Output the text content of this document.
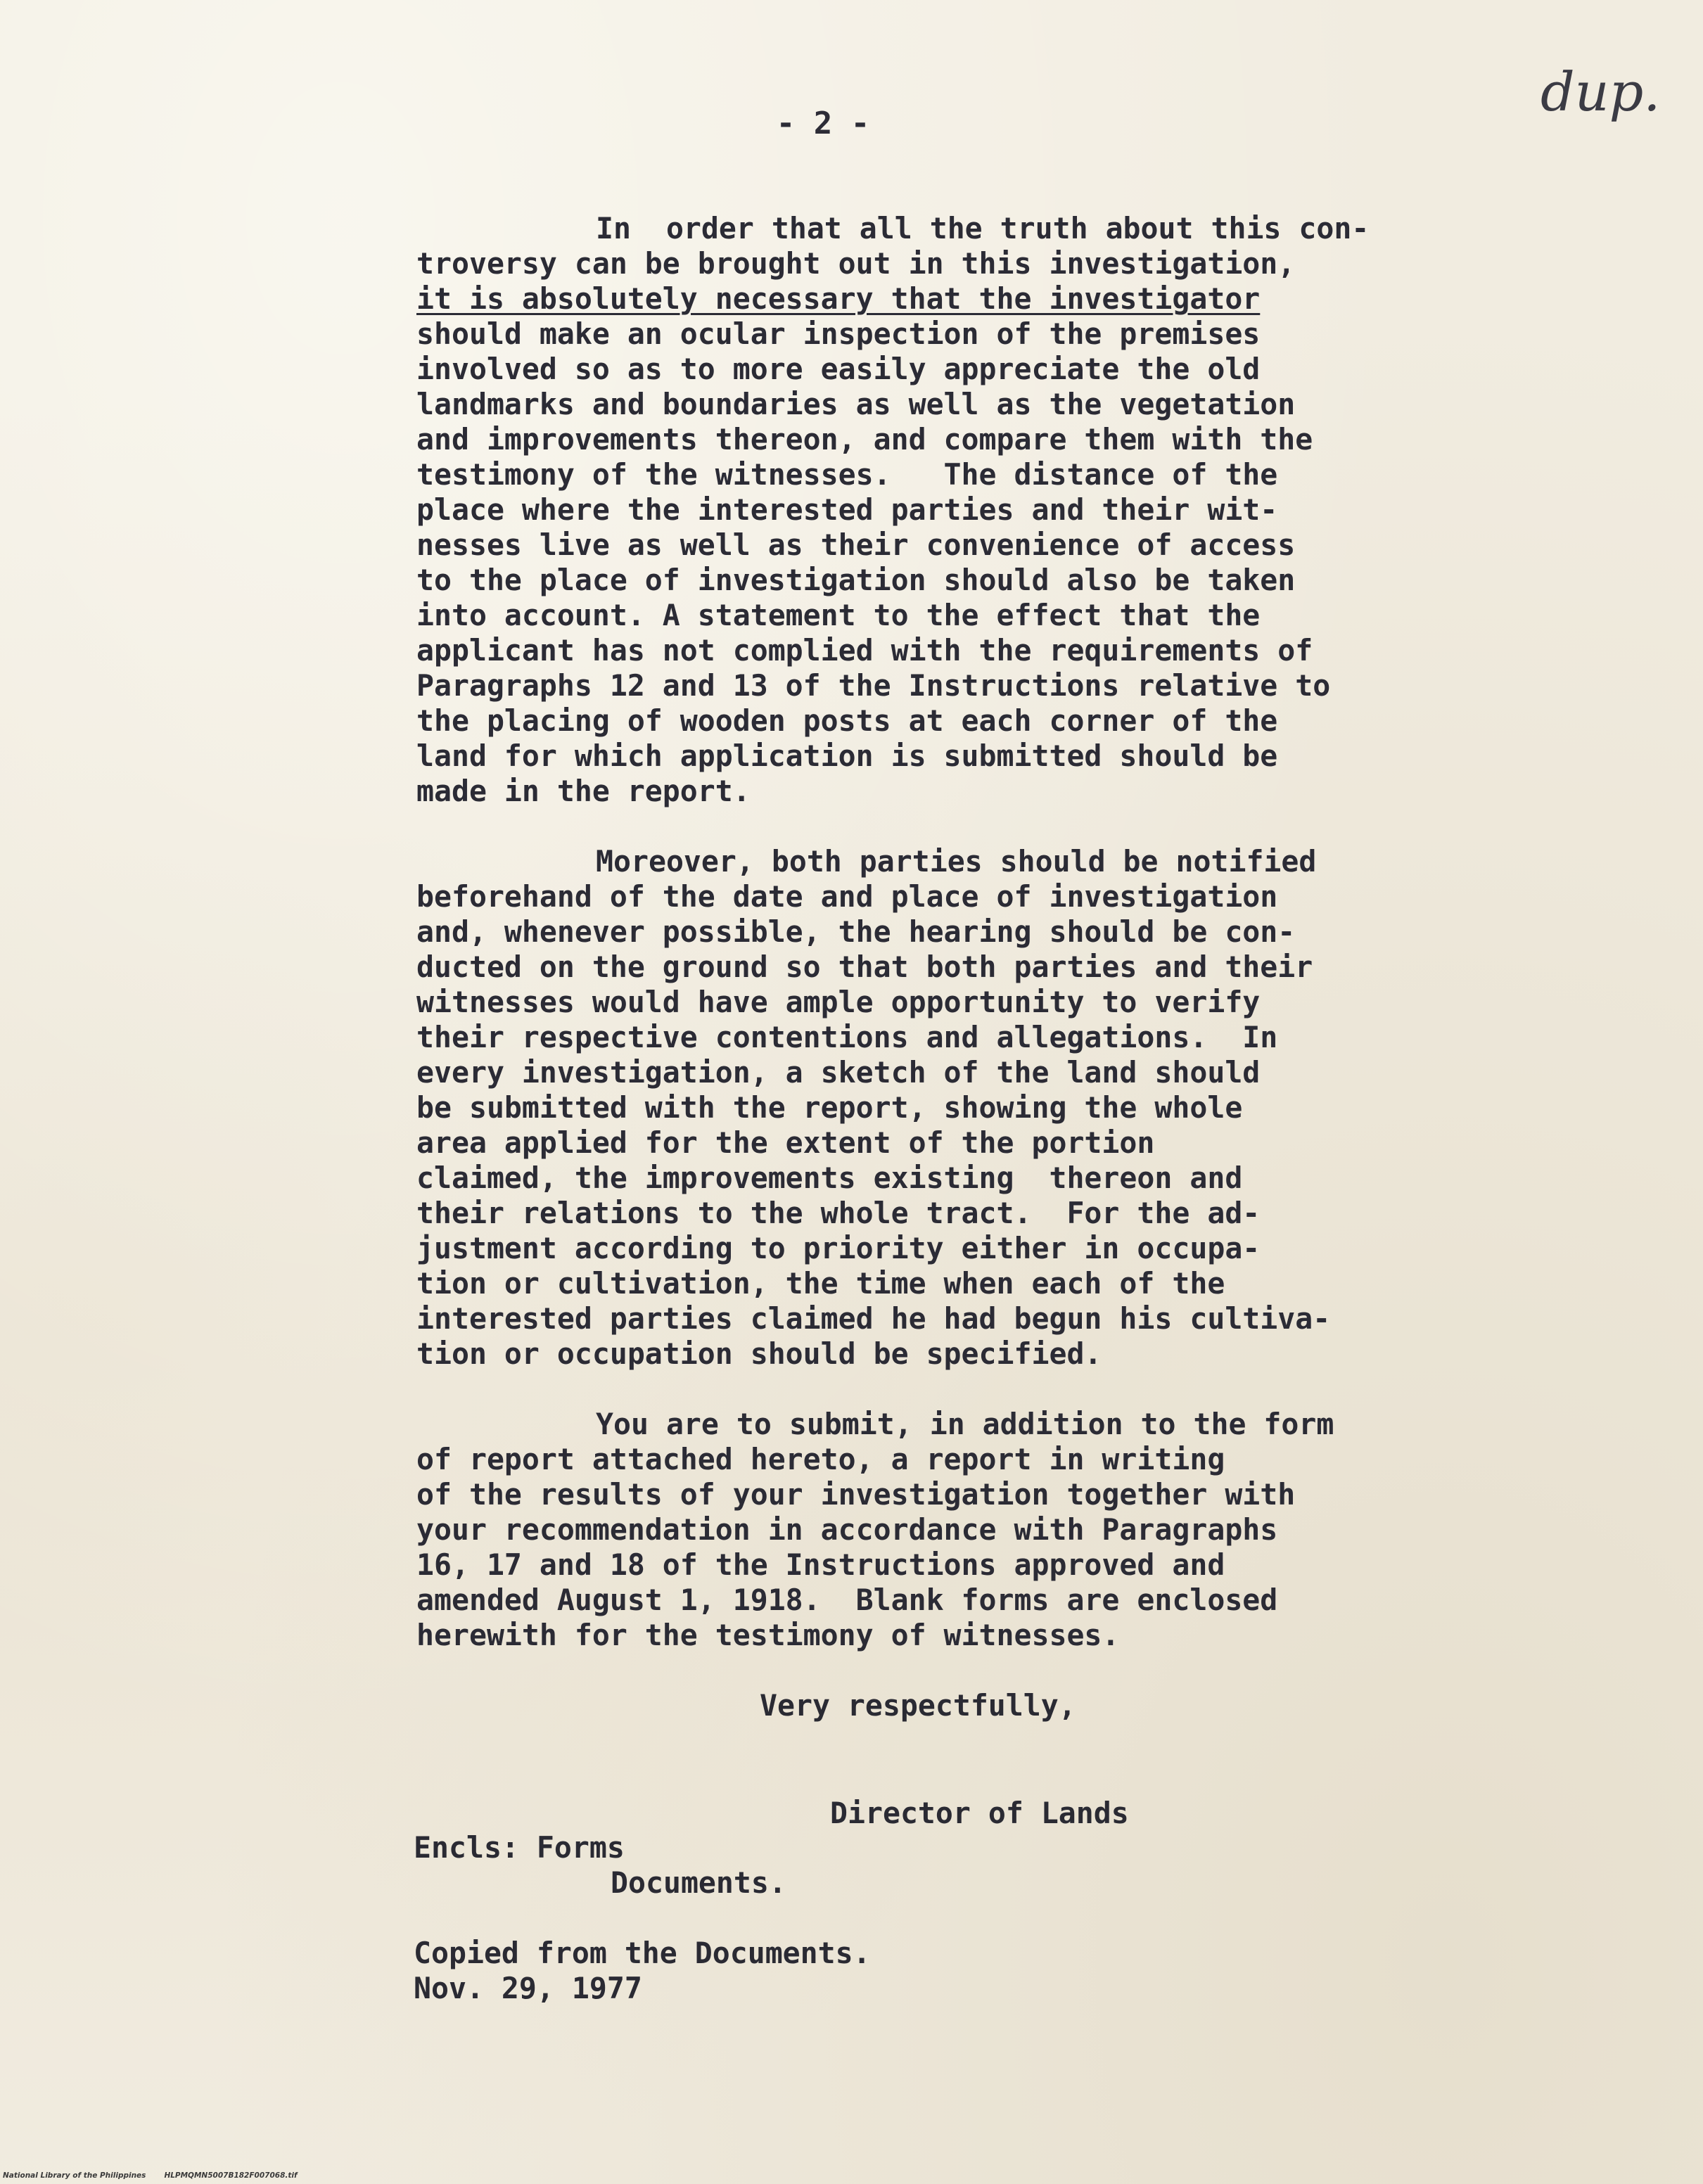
- 2 -
dup.
In  order that all the truth about this con-
troversy can be brought out in this investigation,
it is absolutely necessary that the investigator
should make an ocular inspection of the premises
involved so as to more easily appreciate the old
landmarks and boundaries as well as the vegetation
and improvements thereon, and compare them with the
testimony of the witnesses.   The distance of the
place where the interested parties and their wit-
nesses live as well as their convenience of access
to the place of investigation should also be taken
into account. A statement to the effect that the
applicant has not complied with the requirements of
Paragraphs 12 and 13 of the Instructions relative to
the placing of wooden posts at each corner of the
land for which application is submitted should be
made in the report.
Moreover, both parties should be notified
beforehand of the date and place of investigation
and, whenever possible, the hearing should be con-
ducted on the ground so that both parties and their
witnesses would have ample opportunity to verify
their respective contentions and allegations.  In
every investigation, a sketch of the land should
be submitted with the report, showing the whole
area applied for the extent of the portion
claimed, the improvements existing  thereon and
their relations to the whole tract.  For the ad-
justment according to priority either in occupa-
tion or cultivation, the time when each of the
interested parties claimed he had begun his cultiva-
tion or occupation should be specified.
You are to submit, in addition to the form
of report attached hereto, a report in writing
of the results of your investigation together with
your recommendation in accordance with Paragraphs
16, 17 and 18 of the Instructions approved and
amended August 1, 1918.  Blank forms are enclosed
herewith for the testimony of witnesses.
Very respectfully,
Director of Lands
Encls: Forms
Documents.
Copied from the Documents.
Nov. 29, 1977
National Library of the Philippines HLPMQMN5007B182F007068.tif
